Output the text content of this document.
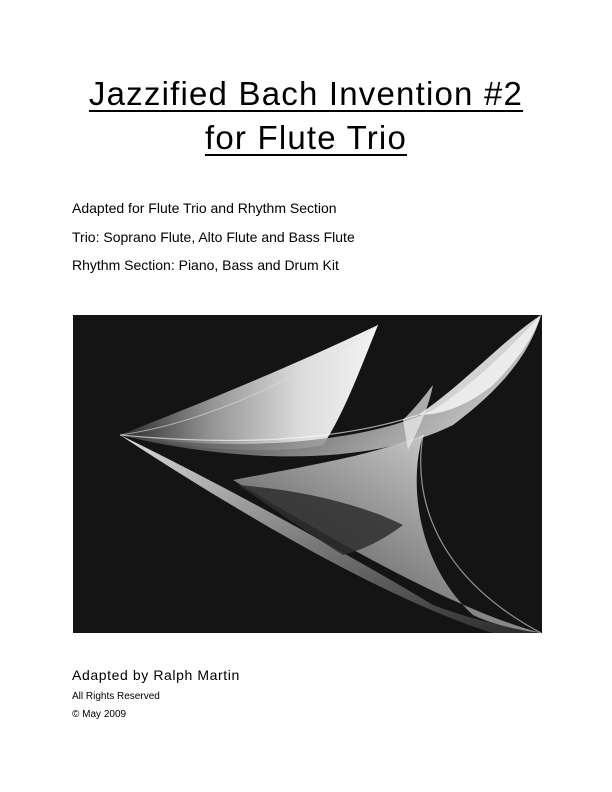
Jazzified Bach Invention #2
for Flute Trio
Adapted for Flute Trio and Rhythm Section
Trio: Soprano Flute, Alto Flute and Bass Flute
Rhythm Section: Piano, Bass and Drum Kit
Adapted by Ralph Martin
All Rights Reserved
© May 2009
